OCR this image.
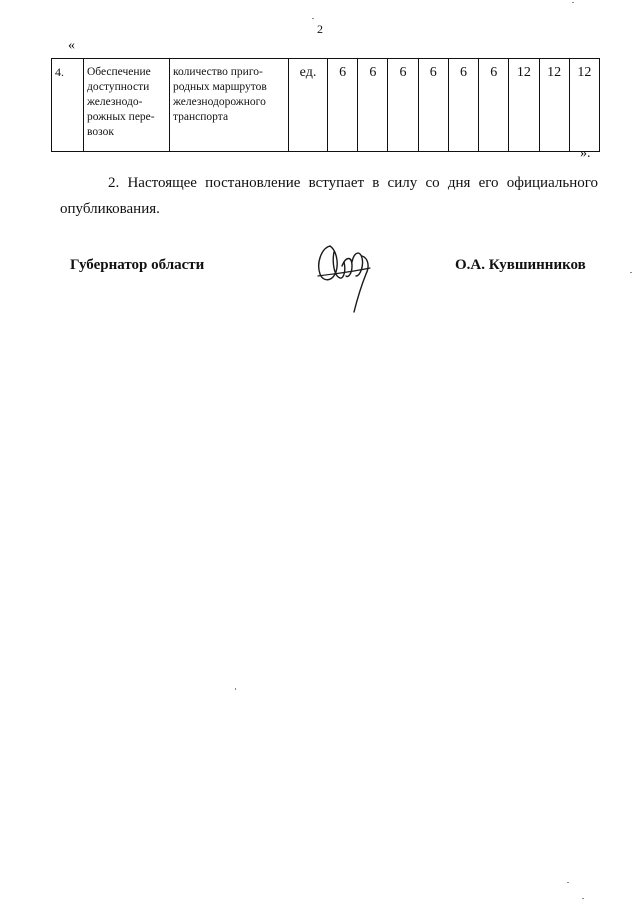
2
«
4.	Обеспечение доступности железнодо-рожных пере-возок	количество приго-родных маршрутов железнодорожного транспорта	ед.	6	6	6	6	6	6	12	12	12
».

2. Настоящее постановление вступает в силу со дня его официального опубликования.

Губернатор области	О.А. Кувшинников
